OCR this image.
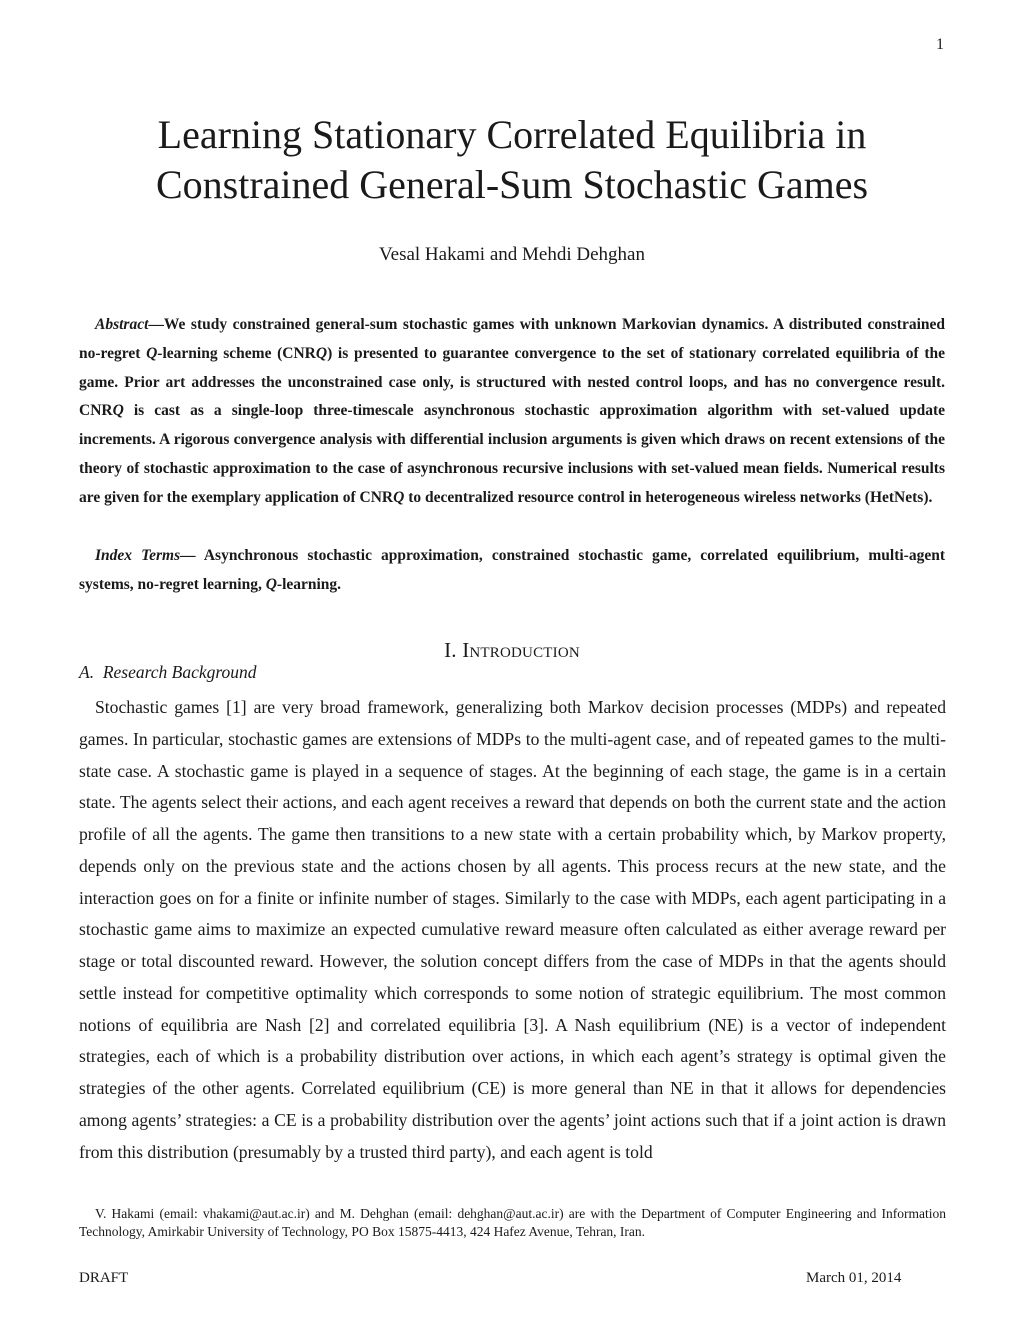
1
Learning Stationary Correlated Equilibria in
Constrained General-Sum Stochastic Games
Vesal Hakami and Mehdi Dehghan

Abstract—We study constrained general-sum stochastic games with unknown Markovian dynamics. A distributed constrained no-regret Q-learning scheme (CNRQ) is presented to guarantee convergence to the set of stationary correlated equilibria of the game. Prior art addresses the unconstrained case only, is structured with nested control loops, and has no convergence result. CNRQ is cast as a single-loop three-timescale asynchronous stochastic approximation algorithm with set-valued update increments. A rigorous convergence analysis with differential inclusion arguments is given which draws on recent extensions of the theory of stochastic approximation to the case of asynchronous recursive inclusions with set-valued mean fields. Numerical results are given for the exemplary application of CNRQ to decentralized resource control in heterogeneous wireless networks (HetNets).

Index Terms— Asynchronous stochastic approximation, constrained stochastic game, correlated equilibrium, multi-agent systems, no-regret learning, Q-learning.

I. Introduction
A. Research Background

Stochastic games [1] are very broad framework, generalizing both Markov decision processes (MDPs) and repeated games. In particular, stochastic games are extensions of MDPs to the multi-agent case, and of repeated games to the multi-state case. A stochastic game is played in a sequence of stages. At the beginning of each stage, the game is in a certain state. The agents select their actions, and each agent receives a reward that depends on both the current state and the action profile of all the agents. The game then transitions to a new state with a certain probability which, by Markov property, depends only on the previous state and the actions chosen by all agents. This process recurs at the new state, and the interaction goes on for a finite or infinite number of stages. Similarly to the case with MDPs, each agent participating in a stochastic game aims to maximize an expected cumulative reward measure often calculated as either average reward per stage or total discounted reward. However, the solution concept differs from the case of MDPs in that the agents should settle instead for competitive optimality which corresponds to some notion of strategic equilibrium. The most common notions of equilibria are Nash [2] and correlated equilibria [3]. A Nash equilibrium (NE) is a vector of independent strategies, each of which is a probability distribution over actions, in which each agent’s strategy is optimal given the strategies of the other agents. Correlated equilibrium (CE) is more general than NE in that it allows for dependencies among agents’ strategies: a CE is a probability distribution over the agents’ joint actions such that if a joint action is drawn from this distribution (presumably by a trusted third party), and each agent is told

V. Hakami (email: vhakami@aut.ac.ir) and M. Dehghan (email: dehghan@aut.ac.ir) are with the Department of Computer Engineering and Information Technology, Amirkabir University of Technology, PO Box 15875-4413, 424 Hafez Avenue, Tehran, Iran.

DRAFT	March 01, 2014
